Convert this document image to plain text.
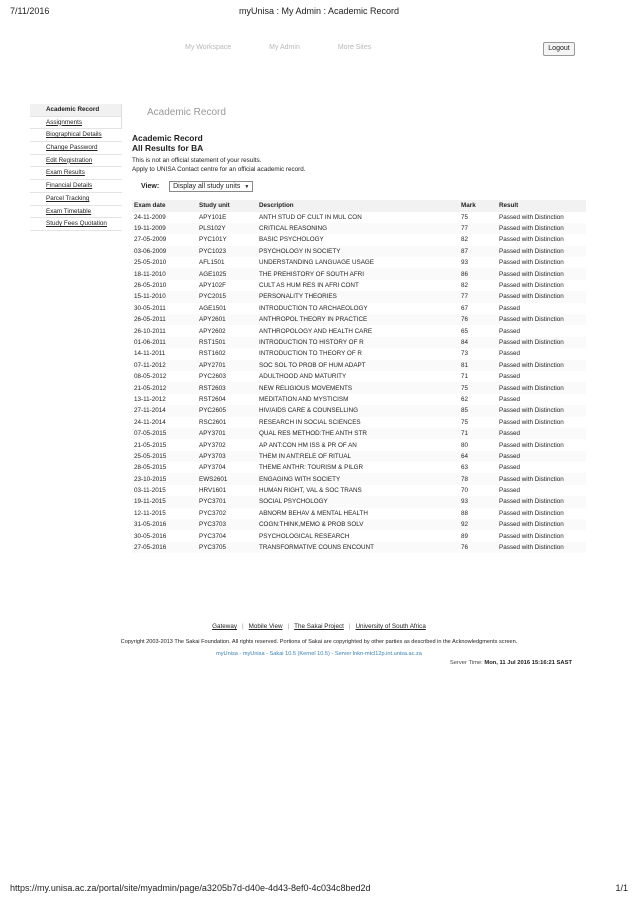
7/11/2016	myUnisa : My Admin : Academic Record
My Workspace	My Admin	More Sites	Logout
Academic Record
Assignments
Biographical Details
Change Password
Edit Registration
Exam Results
Financial Details
Parcel Tracking
Exam Timetable
Study Fees Quotation
Academic Record
Academic Record
All Results for BA
This is not an official statement of your results.
Apply to UNISA Contact centre for an official academic record.
View: Display all study units ▼
Exam date	Study unit	Description	Mark	Result
24-11-2009	APY101E	ANTH STUD OF CULT IN MUL CON	75	Passed with Distinction
19-11-2009	PLS102Y	CRITICAL REASONING	77	Passed with Distinction
27-05-2009	PYC101Y	BASIC PSYCHOLOGY	82	Passed with Distinction
03-06-2009	PYC1023	PSYCHOLOGY IN SOCIETY	87	Passed with Distinction
25-05-2010	AFL1501	UNDERSTANDING LANGUAGE USAGE	93	Passed with Distinction
18-11-2010	AGE1025	THE PREHISTORY OF SOUTH AFRI	86	Passed with Distinction
26-05-2010	APY102F	CULT AS HUM RES IN AFRI CONT	82	Passed with Distinction
15-11-2010	PYC2015	PERSONALITY THEORIES	77	Passed with Distinction
30-05-2011	AGE1501	INTRODUCTION TO ARCHAEOLOGY	67	Passed
26-05-2011	APY2601	ANTHROPOL THEORY IN PRACTICE	76	Passed with Distinction
26-10-2011	APY2602	ANTHROPOLOGY AND HEALTH CARE	65	Passed
01-06-2011	RST1501	INTRODUCTION TO HISTORY OF R	84	Passed with Distinction
14-11-2011	RST1602	INTRODUCTION TO THEORY OF R	73	Passed
07-11-2012	APY2701	SOC SOL TO PROB OF HUM ADAPT	81	Passed with Distinction
08-05-2012	PYC2603	ADULTHOOD AND MATURITY	71	Passed
21-05-2012	RST2603	NEW RELIGIOUS MOVEMENTS	75	Passed with Distinction
13-11-2012	RST2604	MEDITATION AND MYSTICISM	62	Passed
27-11-2014	PYC2605	HIV/AIDS CARE & COUNSELLING	85	Passed with Distinction
24-11-2014	RSC2601	RESEARCH IN SOCIAL SCIENCES	75	Passed with Distinction
07-05-2015	APY3701	QUAL RES METHOD:THE ANTH STR	71	Passed
21-05-2015	APY3702	AP ANT:CON HM ISS & PR OF AN	80	Passed with Distinction
25-05-2015	APY3703	THEM IN ANT:RELE OF RITUAL	64	Passed
28-05-2015	APY3704	THEME ANTHR: TOURISM & PILGR	63	Passed
23-10-2015	EWS2601	ENGAGING WITH SOCIETY	78	Passed with Distinction
03-11-2015	HRV1601	HUMAN RIGHT, VAL & SOC TRANS	70	Passed
19-11-2015	PYC3701	SOCIAL PSYCHOLOGY	93	Passed with Distinction
12-11-2015	PYC3702	ABNORM BEHAV & MENTAL HEALTH	88	Passed with Distinction
31-05-2016	PYC3703	COGN:THINK,MEMO & PROB SOLV	92	Passed with Distinction
30-05-2016	PYC3704	PSYCHOLOGICAL RESEARCH	89	Passed with Distinction
27-05-2016	PYC3705	TRANSFORMATIVE COUNS ENCOUNT	76	Passed with Distinction
Gateway | Mobile View | The Sakai Project | University of South Africa
Copyright 2003-2013 The Sakai Foundation. All rights reserved. Portions of Sakai are copyrighted by other parties as described in the Acknowledgments screen.
myUnisa - myUnisa - Sakai 10.5 (Kernel 10.5) - Server lnkn-mtcl12p.int.unisa.ac.za
Server Time: Mon, 11 Jul 2016 15:16:21 SAST
https://my.unisa.ac.za/portal/site/myadmin/page/a3205b7d-d40e-4d43-8ef0-4c034c8bed2d	1/1
